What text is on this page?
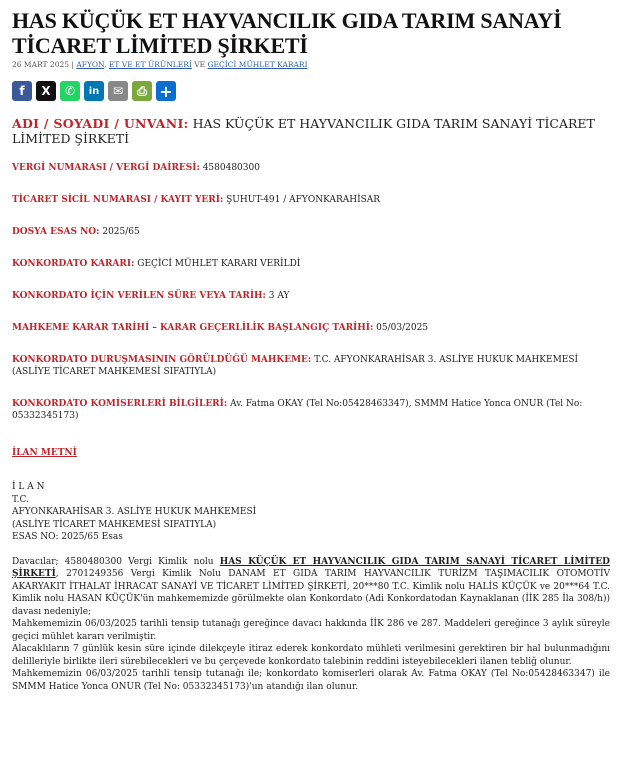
HAS KÜÇÜK ET HAYVANCILIK GIDA TARIM SANAYİ TİCARET LİMİTED ŞİRKETİ
26 MART 2025 | AFYON, ET VE ET ÜRÜNLERİ VE GEÇİCİ MÜHLET KARARI
f	X	✆	in	✉	⎙ +
ADI / SOYADI / UNVANI: HAS KÜÇÜK ET HAYVANCILIK GIDA TARIM SANAYİ TİCARET LİMİTED ŞİRKETİ
VERGİ NUMARASI / VERGİ DAİRESİ: 4580480300
TİCARET SİCİL NUMARASI / KAYIT YERİ: ŞUHUT-491 / AFYONKARAHİSAR
DOSYA ESAS NO: 2025/65
KONKORDATO KARARI: GEÇİCİ MÜHLET KARARI VERİLDİ
KONKORDATO İÇİN VERİLEN SÜRE VEYA TARİH: 3 AY
MAHKEME KARAR TARİHİ – KARAR GEÇERLİLİK BAŞLANGIÇ TARİHİ: 05/03/2025
KONKORDATO DURUŞMASININ GÖRÜLDÜĞÜ MAHKEME: T.C. AFYONKARAHİSAR 3. ASLİYE HUKUK MAHKEMESİ (ASLİYE TİCARET MAHKEMESİ SIFATIYLA)
KONKORDATO KOMİSERLERİ BİLGİLERİ: Av. Fatma OKAY (Tel No:05428463347), SMMM Hatice Yonca ONUR (Tel No: 05332345173)
İLAN METNİ
İ L A N
T.C.
AFYONKARAHİSAR 3. ASLİYE HUKUK MAHKEMESİ
(ASLİYE TİCARET MAHKEMESİ SIFATIYLA)
ESAS NO: 2025/65 Esas

Davacılar; 4580480300 Vergi Kimlik nolu HAS KÜÇÜK ET HAYVANCILIK GIDA TARIM SANAYİ TİCARET LİMİTED ŞİRKETİ, 2701249356 Vergi Kimlik Nolu DANAM ET GIDA TARIM HAYVANCILIK TURİZM TAŞIMACILIK OTOMOTİV AKARYAKIT İTHALAT İHRACAT SANAYİ VE TİCARET LİMİTED ŞİRKETİ, 20***80 T.C. Kimlik nolu HALİS KÜÇÜK ve 20***64 T.C. Kimlik nolu HASAN KÜÇÜK'ün mahkememizde görülmekte olan Konkordato (Adi Konkordatodan Kaynaklanan (İİK 285 İla 308/h)) davası nedeniyle;

Mahkememizin 06/03/2025 tarihli tensip tutanağı gereğince davacı hakkında İİK 286 ve 287. Maddeleri gereğince 3 aylık süreyle geçici mühlet kararı verilmiştir.

Alacaklıların 7 günlük kesin süre içinde dilekçeyle itiraz ederek konkordato mühleti verilmesini gerektiren bir hal bulunmadığını delilleriyle birlikte ileri sürebilecekleri ve bu çerçevede konkordato talebinin reddini isteyebilecekleri ilanen tebliğ olunur.

Mahkememizin 06/03/2025 tarihli tensip tutanağı ile; konkordato komiserleri olarak Av. Fatma OKAY (Tel No:05428463347) ile SMMM Hatice Yonca ONUR (Tel No: 05332345173)'un atandığı ilan olunur.
